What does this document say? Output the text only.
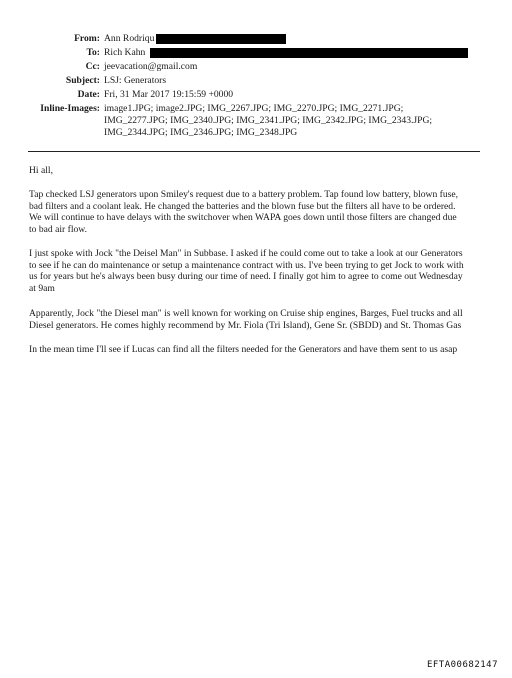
From: Ann Rodriqu
To: Rich Kahn
Cc: jeevacation@gmail.com
Subject: LSJ: Generators
Date: Fri, 31 Mar 2017 19:15:59 +0000
Inline-Images: image1.JPG; image2.JPG; IMG_2267.JPG; IMG_2270.JPG; IMG_2271.JPG;
IMG_2277.JPG; IMG_2340.JPG; IMG_2341.JPG; IMG_2342.JPG; IMG_2343.JPG;
IMG_2344.JPG; IMG_2346.JPG; IMG_2348.JPG
Hi all,
Tap checked LSJ generators upon Smiley's request due to a battery problem. Tap found low battery, blown fuse,
bad filters and a coolant leak. He changed the batteries and the blown fuse but the filters all have to be ordered.
We will continue to have delays with the switchover when WAPA goes down until those filters are changed due
to bad air flow.
I just spoke with Jock "the Deisel Man" in Subbase. I asked if he could come out to take a look at our Generators
to see if he can do maintenance or setup a maintenance contract with us. I've been trying to get Jock to work with
us for years but he's always been busy during our time of need. I finally got him to agree to come out Wednesday
at 9am
Apparently, Jock "the Diesel man" is well known for working on Cruise ship engines, Barges, Fuel trucks and all
Diesel generators. He comes highly recommend by Mr. Fiola (Tri Island), Gene Sr. (SBDD) and St. Thomas Gas
In the mean time I'll see if Lucas can find all the filters needed for the Generators and have them sent to us asap
EFTA00682147
